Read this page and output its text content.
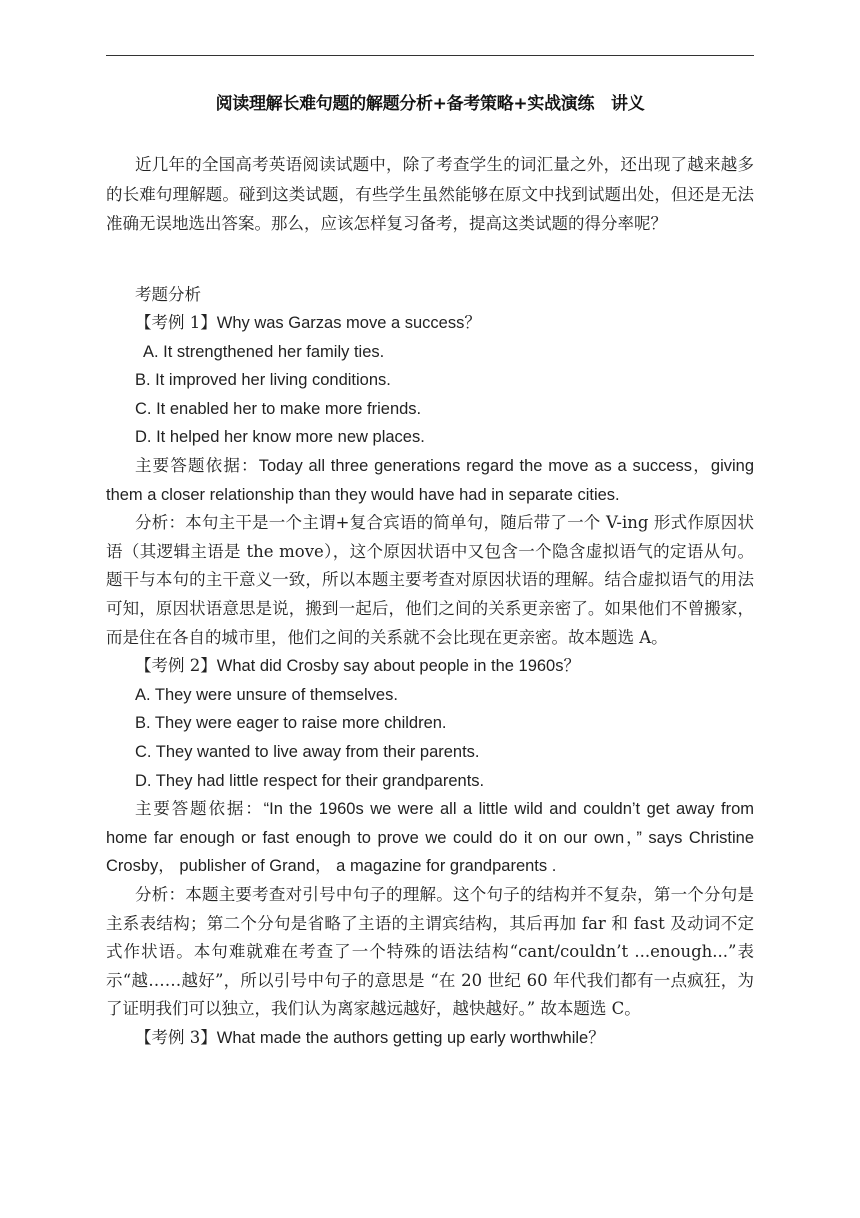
阅读理解长难句题的解题分析+备考策略+实战演练   讲义

近几年的全国高考英语阅读试题中，除了考查学生的词汇量之外，还出现了越来越多的长难句理解题。碰到这类试题，有些学生虽然能够在原文中找到试题出处，但还是无法准确无误地选出答案。那么，应该怎样复习备考，提高这类试题的得分率呢？

考题分析

【考例 1】Why was Garzas move a success？

A. It strengthened her family ties.

B. It improved her living conditions.

C. It enabled her to make more friends.

D. It helped her know more new places.

主要答题依据：Today all three generations regard the move as a success，giving them a closer relationship than they would have had in separate cities.

分析：本句主干是一个主谓+复合宾语的简单句，随后带了一个 V-ing 形式作原因状语（其逻辑主语是 the move），这个原因状语中又包含一个隐含虚拟语气的定语从句。题干与本句的主干意义一致，所以本题主要考查对原因状语的理解。结合虚拟语气的用法可知，原因状语意思是说，搬到一起后，他们之间的关系更亲密了。如果他们不曾搬家，而是住在各自的城市里，他们之间的关系就不会比现在更亲密。故本题选 A。

【考例 2】What did Crosby say about people in the 1960s？

A. They were unsure of themselves.

B. They were eager to raise more children.

C. They wanted to live away from their parents.

D. They had little respect for their grandparents.

主要答题依据：“In the 1960s we were all a little wild and couldn’t get away from home far enough or fast enough to prove we could do it on our own，” says Christine Crosby， publisher of Grand， a magazine for grandparents .

分析：本题主要考查对引号中句子的理解。这个句子的结构并不复杂，第一个分句是主系表结构；第二个分句是省略了主语的主谓宾结构，其后再加 far 和 fast 及动词不定式作状语。本句难就难在考查了一个特殊的语法结构“cant/couldn’t ...enough...”表示“越……越好”，所以引号中句子的意思是 “在 20 世纪 60 年代我们都有一点疯狂，为了证明我们可以独立，我们认为离家越远越好，越快越好。” 故本题选 C。

【考例 3】What made the authors getting up early worthwhile？
